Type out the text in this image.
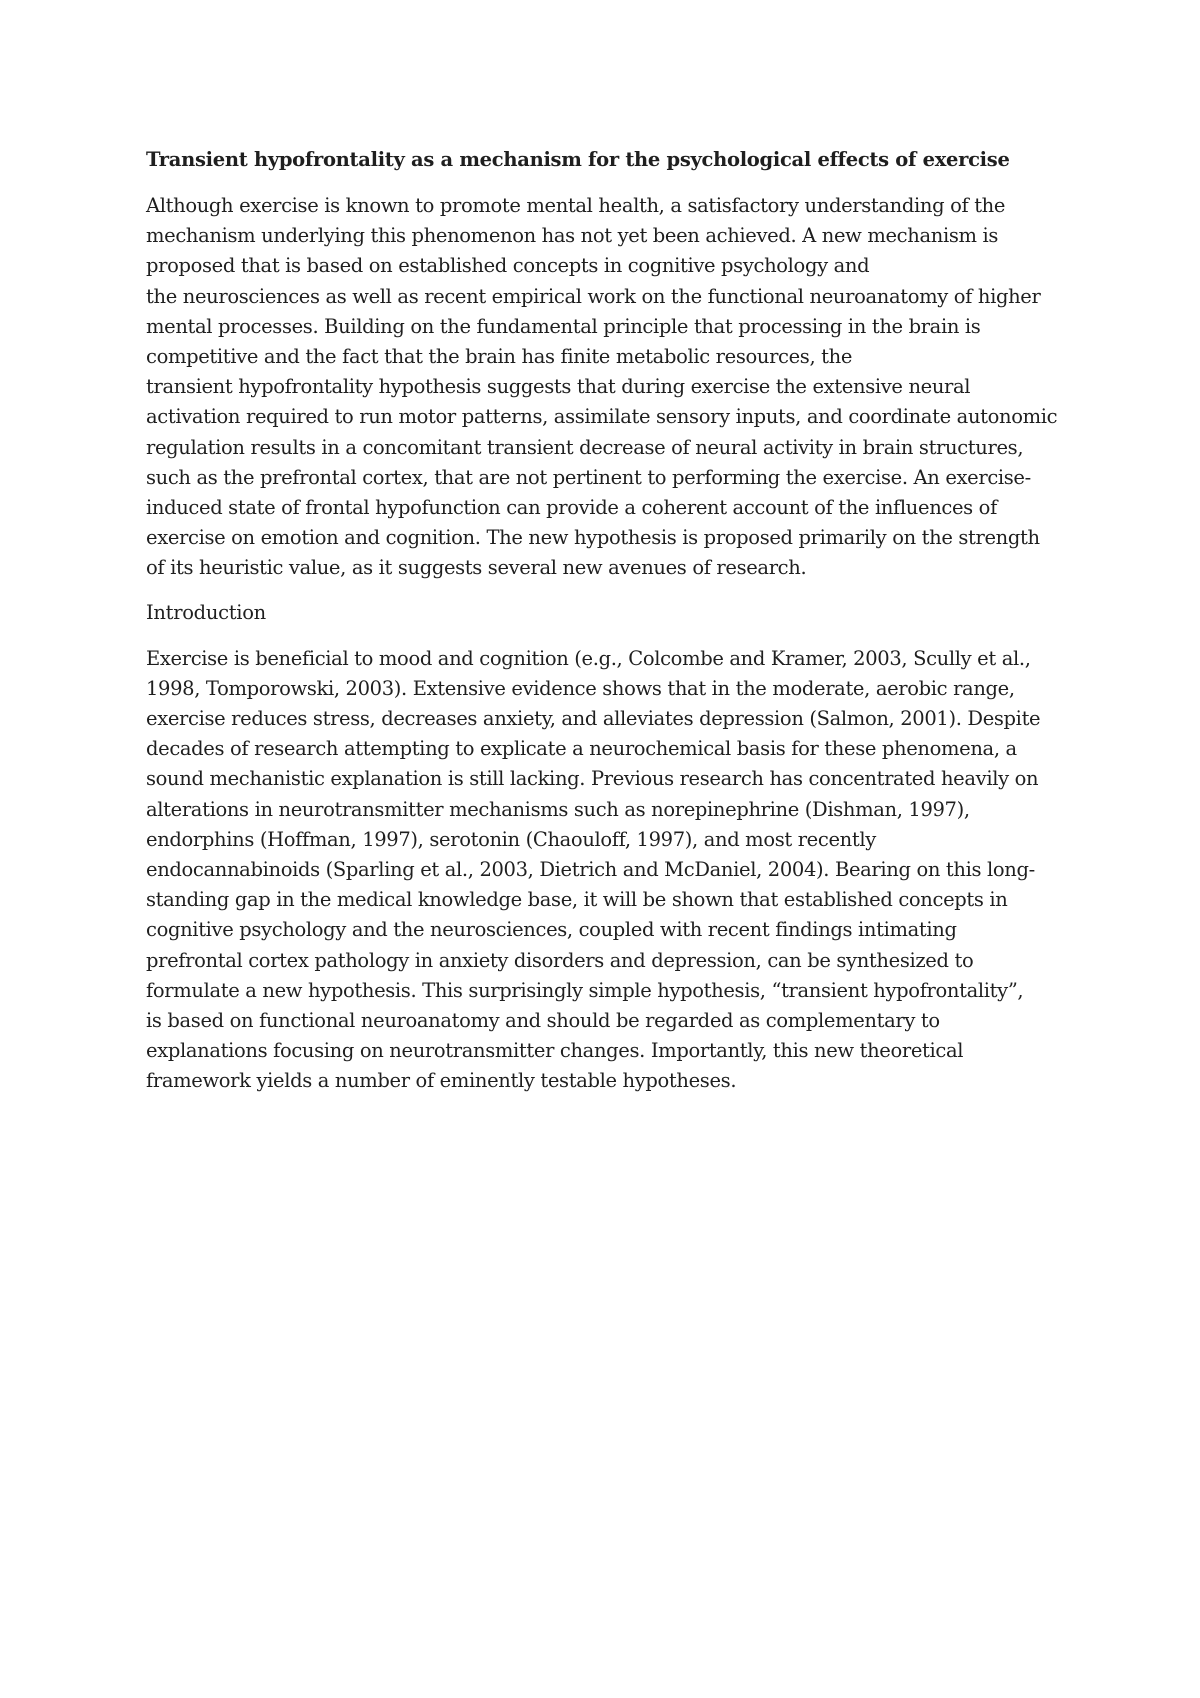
Transient hypofrontality as a mechanism for the psychological effects of exercise
Although exercise is known to promote mental health, a satisfactory understanding of the
mechanism underlying this phenomenon has not yet been achieved. A new mechanism is
proposed that is based on established concepts in cognitive psychology and
the neurosciences as well as recent empirical work on the functional neuroanatomy of higher
mental processes. Building on the fundamental principle that processing in the brain is
competitive and the fact that the brain has finite metabolic resources, the
transient hypofrontality hypothesis suggests that during exercise the extensive neural
activation required to run motor patterns, assimilate sensory inputs, and coordinate autonomic
regulation results in a concomitant transient decrease of neural activity in brain structures,
such as the prefrontal cortex, that are not pertinent to performing the exercise. An exercise-
induced state of frontal hypofunction can provide a coherent account of the influences of
exercise on emotion and cognition. The new hypothesis is proposed primarily on the strength
of its heuristic value, as it suggests several new avenues of research.
Introduction
Exercise is beneficial to mood and cognition (e.g., Colcombe and Kramer, 2003, Scully et al.,
1998, Tomporowski, 2003). Extensive evidence shows that in the moderate, aerobic range,
exercise reduces stress, decreases anxiety, and alleviates depression (Salmon, 2001). Despite
decades of research attempting to explicate a neurochemical basis for these phenomena, a
sound mechanistic explanation is still lacking. Previous research has concentrated heavily on
alterations in neurotransmitter mechanisms such as norepinephrine (Dishman, 1997),
endorphins (Hoffman, 1997), serotonin (Chaouloff, 1997), and most recently
endocannabinoids (Sparling et al., 2003, Dietrich and McDaniel, 2004). Bearing on this long-
standing gap in the medical knowledge base, it will be shown that established concepts in
cognitive psychology and the neurosciences, coupled with recent findings intimating
prefrontal cortex pathology in anxiety disorders and depression, can be synthesized to
formulate a new hypothesis. This surprisingly simple hypothesis, “transient hypofrontality”,
is based on functional neuroanatomy and should be regarded as complementary to
explanations focusing on neurotransmitter changes. Importantly, this new theoretical
framework yields a number of eminently testable hypotheses.
